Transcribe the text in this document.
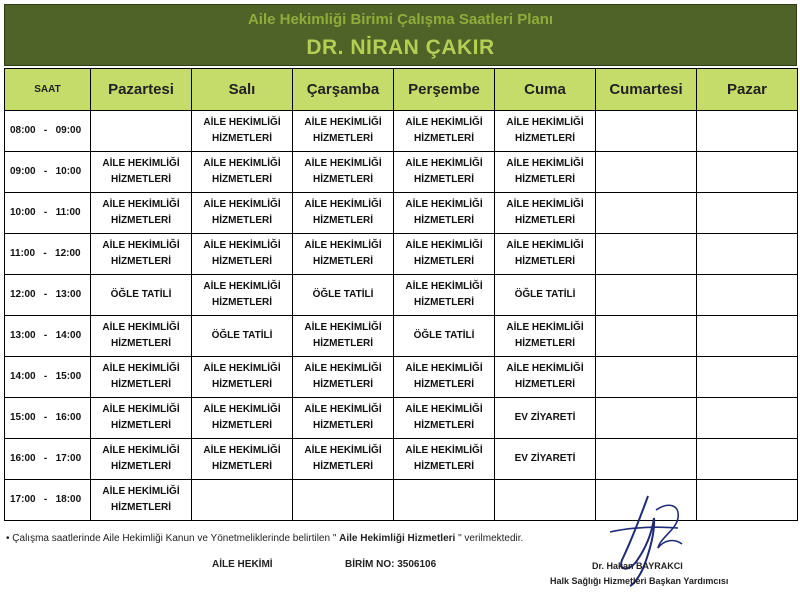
Aile Hekimliği Birimi Çalışma Saatleri Planı
DR. NİRAN ÇAKIR
SAAT	Pazartesi	Salı	Çarşamba	Perşembe	Cuma	Cumartesi	Pazar
08:00   -   09:00		AİLE HEKİMLİĞİ
HİZMETLERİ	AİLE HEKİMLİĞİ
HİZMETLERİ	AİLE HEKİMLİĞİ
HİZMETLERİ	AİLE HEKİMLİĞİ
HİZMETLERİ		
09:00   -   10:00	AİLE HEKİMLİĞİ
HİZMETLERİ	AİLE HEKİMLİĞİ
HİZMETLERİ	AİLE HEKİMLİĞİ
HİZMETLERİ	AİLE HEKİMLİĞİ
HİZMETLERİ	AİLE HEKİMLİĞİ
HİZMETLERİ		
10:00   -   11:00	AİLE HEKİMLİĞİ
HİZMETLERİ	AİLE HEKİMLİĞİ
HİZMETLERİ	AİLE HEKİMLİĞİ
HİZMETLERİ	AİLE HEKİMLİĞİ
HİZMETLERİ	AİLE HEKİMLİĞİ
HİZMETLERİ		
11:00   -   12:00	AİLE HEKİMLİĞİ
HİZMETLERİ	AİLE HEKİMLİĞİ
HİZMETLERİ	AİLE HEKİMLİĞİ
HİZMETLERİ	AİLE HEKİMLİĞİ
HİZMETLERİ	AİLE HEKİMLİĞİ
HİZMETLERİ		
12:00   -   13:00	ÖĞLE TATİLİ	AİLE HEKİMLİĞİ
HİZMETLERİ	ÖĞLE TATİLİ	AİLE HEKİMLİĞİ
HİZMETLERİ	ÖĞLE TATİLİ		
13:00   -   14:00	AİLE HEKİMLİĞİ
HİZMETLERİ	ÖĞLE TATİLİ	AİLE HEKİMLİĞİ
HİZMETLERİ	ÖĞLE TATİLİ	AİLE HEKİMLİĞİ
HİZMETLERİ		
14:00   -   15:00	AİLE HEKİMLİĞİ
HİZMETLERİ	AİLE HEKİMLİĞİ
HİZMETLERİ	AİLE HEKİMLİĞİ
HİZMETLERİ	AİLE HEKİMLİĞİ
HİZMETLERİ	AİLE HEKİMLİĞİ
HİZMETLERİ		
15:00   -   16:00	AİLE HEKİMLİĞİ
HİZMETLERİ	AİLE HEKİMLİĞİ
HİZMETLERİ	AİLE HEKİMLİĞİ
HİZMETLERİ	AİLE HEKİMLİĞİ
HİZMETLERİ	EV ZİYARETİ		
16:00   -   17:00	AİLE HEKİMLİĞİ
HİZMETLERİ	AİLE HEKİMLİĞİ
HİZMETLERİ	AİLE HEKİMLİĞİ
HİZMETLERİ	AİLE HEKİMLİĞİ
HİZMETLERİ	EV ZİYARETİ		
17:00   -   18:00	AİLE HEKİMLİĞİ
HİZMETLERİ						
• Çalışma saatlerinde Aile Hekimliği Kanun ve Yönetmeliklerinde belirtilen " Aile Hekimliği Hizmetleri " verilmektedir.
AİLE HEKİMİ	BİRİM NO: 3506106	Dr. Hakan BAYRAKCI
Halk Sağlığı Hizmetleri Başkan Yardımcısı
